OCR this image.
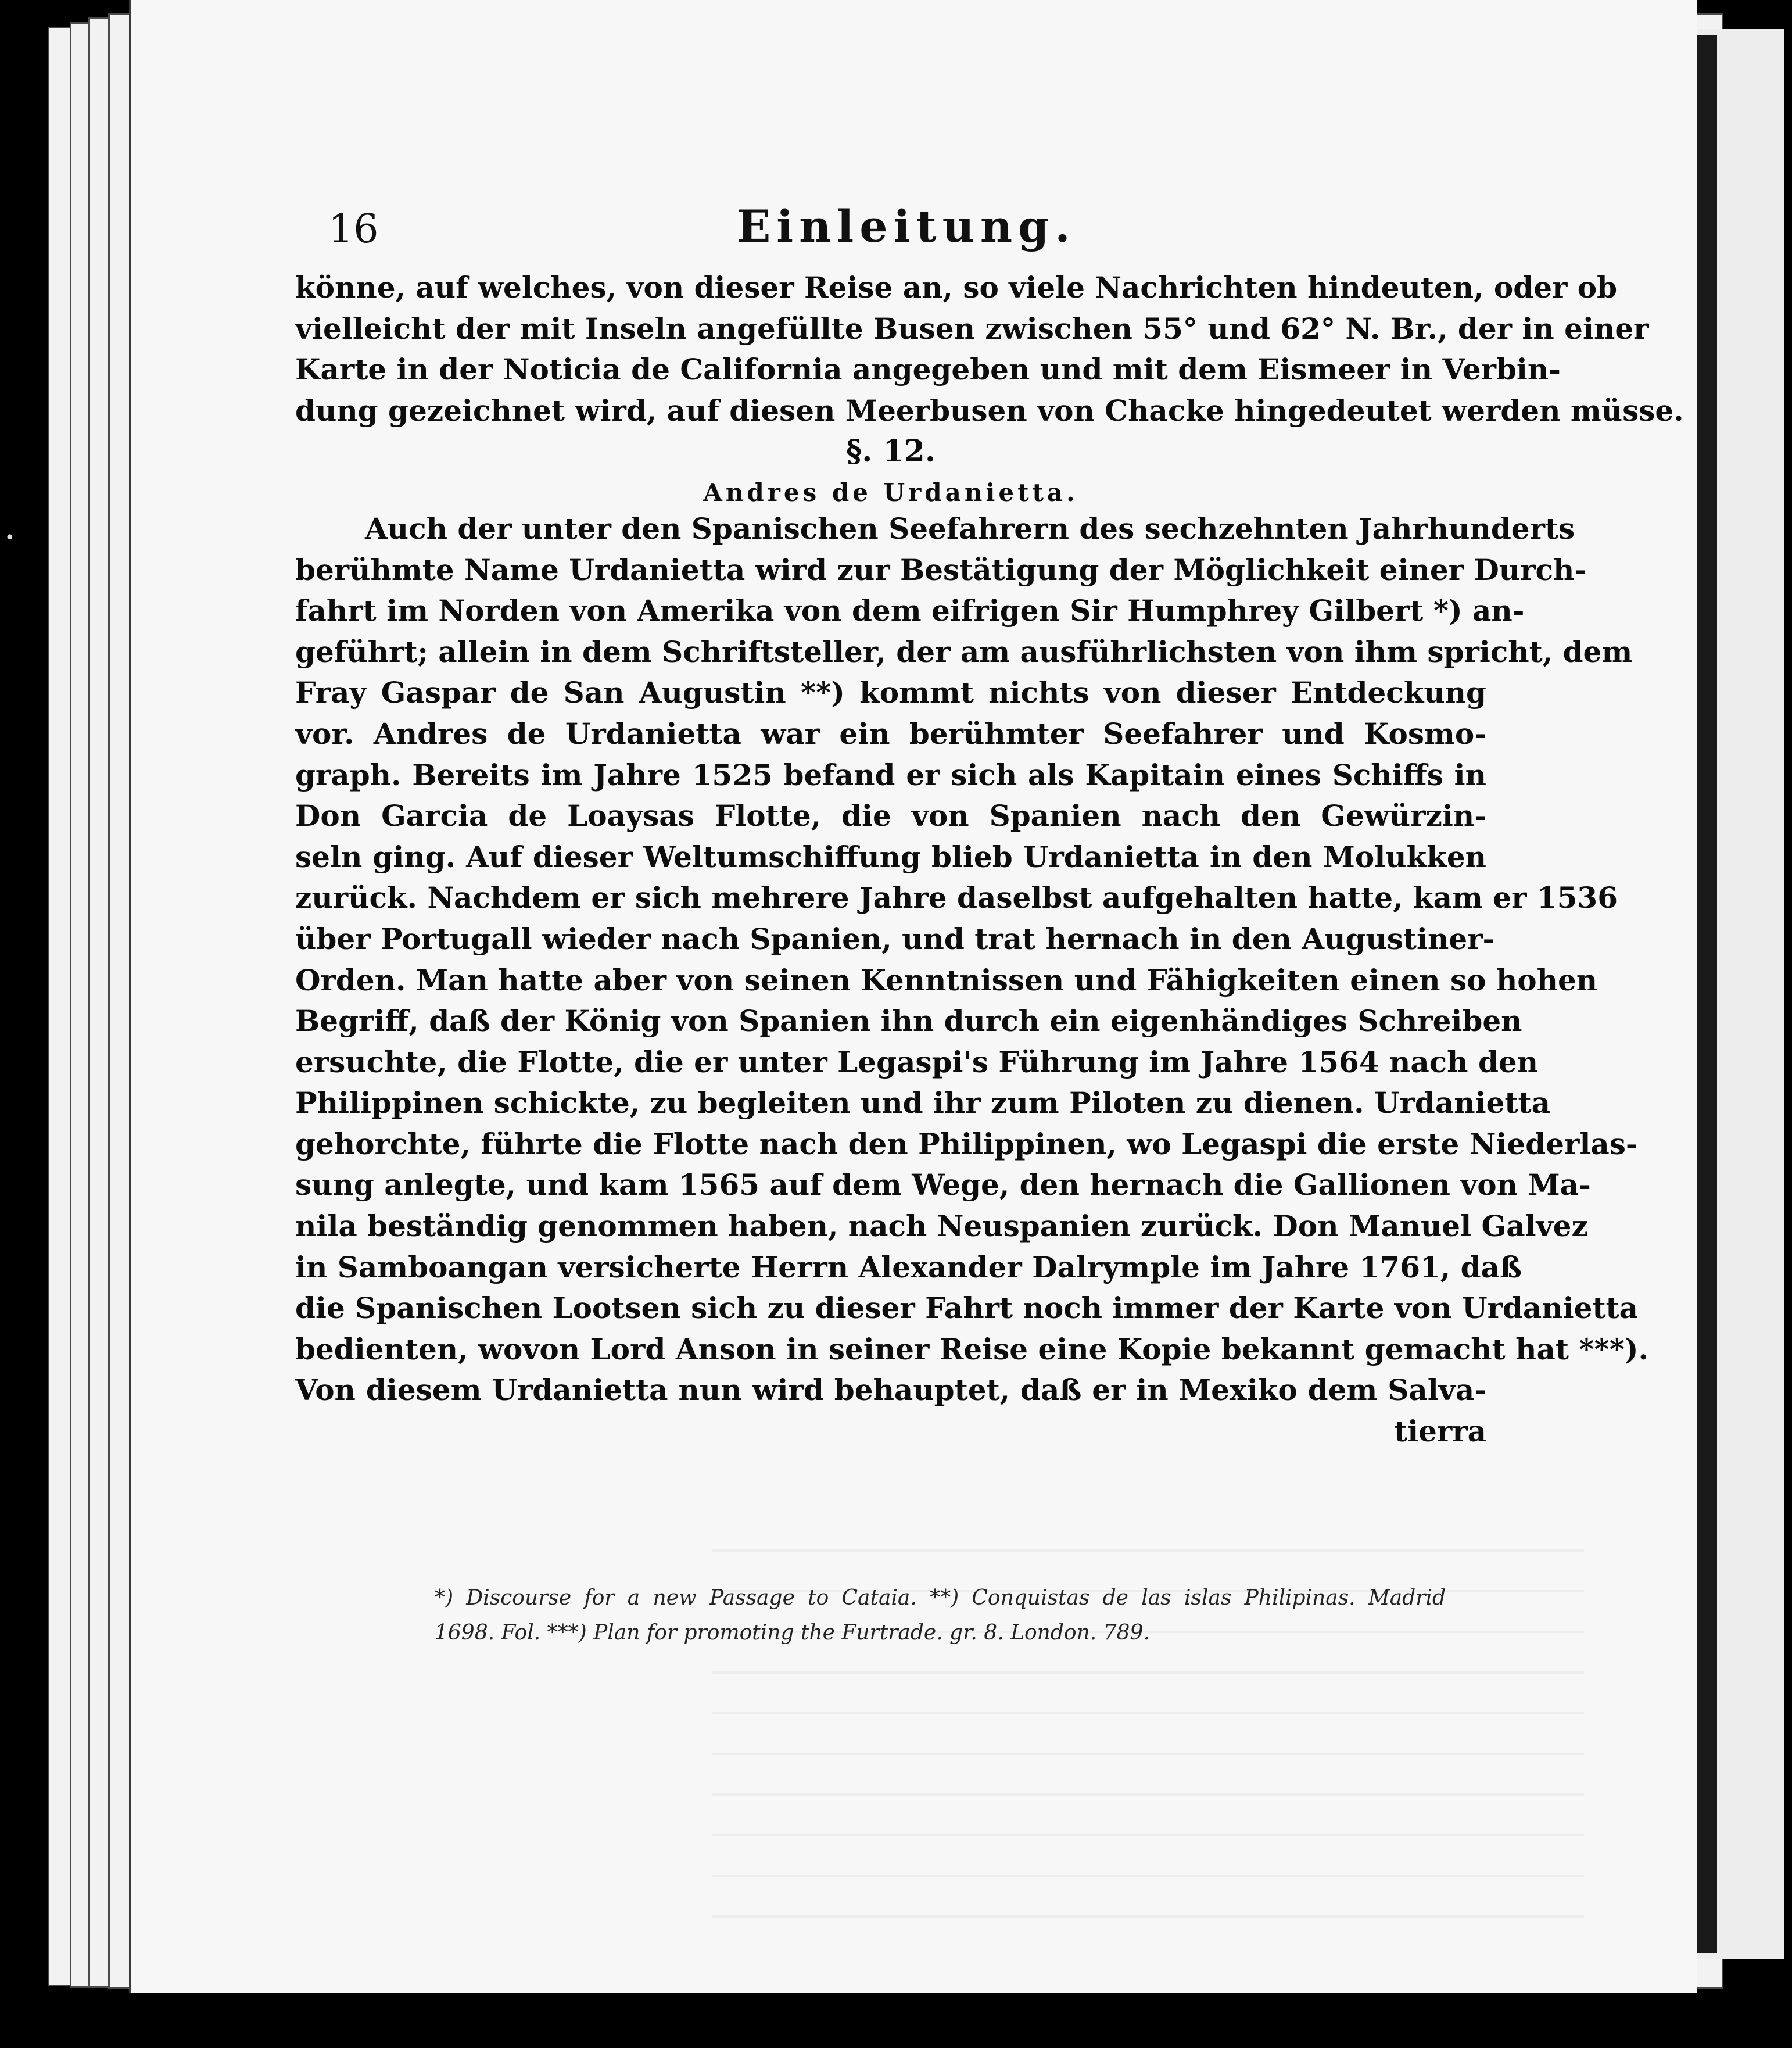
•
16	Einleitung.
könne, auf welches, von dieser Reise an, so viele Nachrichten hindeuten, oder ob
vielleicht der mit Inseln angefüllte Busen zwischen 55° und 62° N. Br., der in einer
Karte in der Noticia de California angegeben und mit dem Eismeer in Verbin-
dung gezeichnet wird, auf diesen Meerbusen von Chacke hingedeutet werden müsse.
§. 12.
Andres de Urdanietta.
Auch der unter den Spanischen Seefahrern des sechzehnten Jahrhunderts
berühmte Name Urdanietta wird zur Bestätigung der Möglichkeit einer Durch-
fahrt im Norden von Amerika von dem eifrigen Sir Humphrey Gilbert *) an-
geführt; allein in dem Schriftsteller, der am ausführlichsten von ihm spricht, dem
Fray Gaspar de San Augustin **) kommt nichts von dieser Entdeckung
vor. Andres de Urdanietta war ein berühmter Seefahrer und Kosmo-
graph. Bereits im Jahre 1525 befand er sich als Kapitain eines Schiffs in
Don Garcia de Loaysas Flotte, die von Spanien nach den Gewürzin-
seln ging. Auf dieser Weltumschiffung blieb Urdanietta in den Molukken
zurück. Nachdem er sich mehrere Jahre daselbst aufgehalten hatte, kam er 1536
über Portugall wieder nach Spanien, und trat hernach in den Augustiner-
Orden. Man hatte aber von seinen Kenntnissen und Fähigkeiten einen so hohen
Begriff, daß der König von Spanien ihn durch ein eigenhändiges Schreiben
ersuchte, die Flotte, die er unter Legaspi's Führung im Jahre 1564 nach den
Philippinen schickte, zu begleiten und ihr zum Piloten zu dienen. Urdanietta
gehorchte, führte die Flotte nach den Philippinen, wo Legaspi die erste Niederlas-
sung anlegte, und kam 1565 auf dem Wege, den hernach die Gallionen von Ma-
nila beständig genommen haben, nach Neuspanien zurück. Don Manuel Galvez
in Samboangan versicherte Herrn Alexander Dalrymple im Jahre 1761, daß
die Spanischen Lootsen sich zu dieser Fahrt noch immer der Karte von Urdanietta
bedienten, wovon Lord Anson in seiner Reise eine Kopie bekannt gemacht hat ***).
Von diesem Urdanietta nun wird behauptet, daß er in Mexiko dem Salva-
tierra
*) Discourse for a new Passage to Cataia. **) Conquistas de las islas Philipinas. Madrid
1698. Fol. ***) Plan for promoting the Furtrade. gr. 8. London. 789.
